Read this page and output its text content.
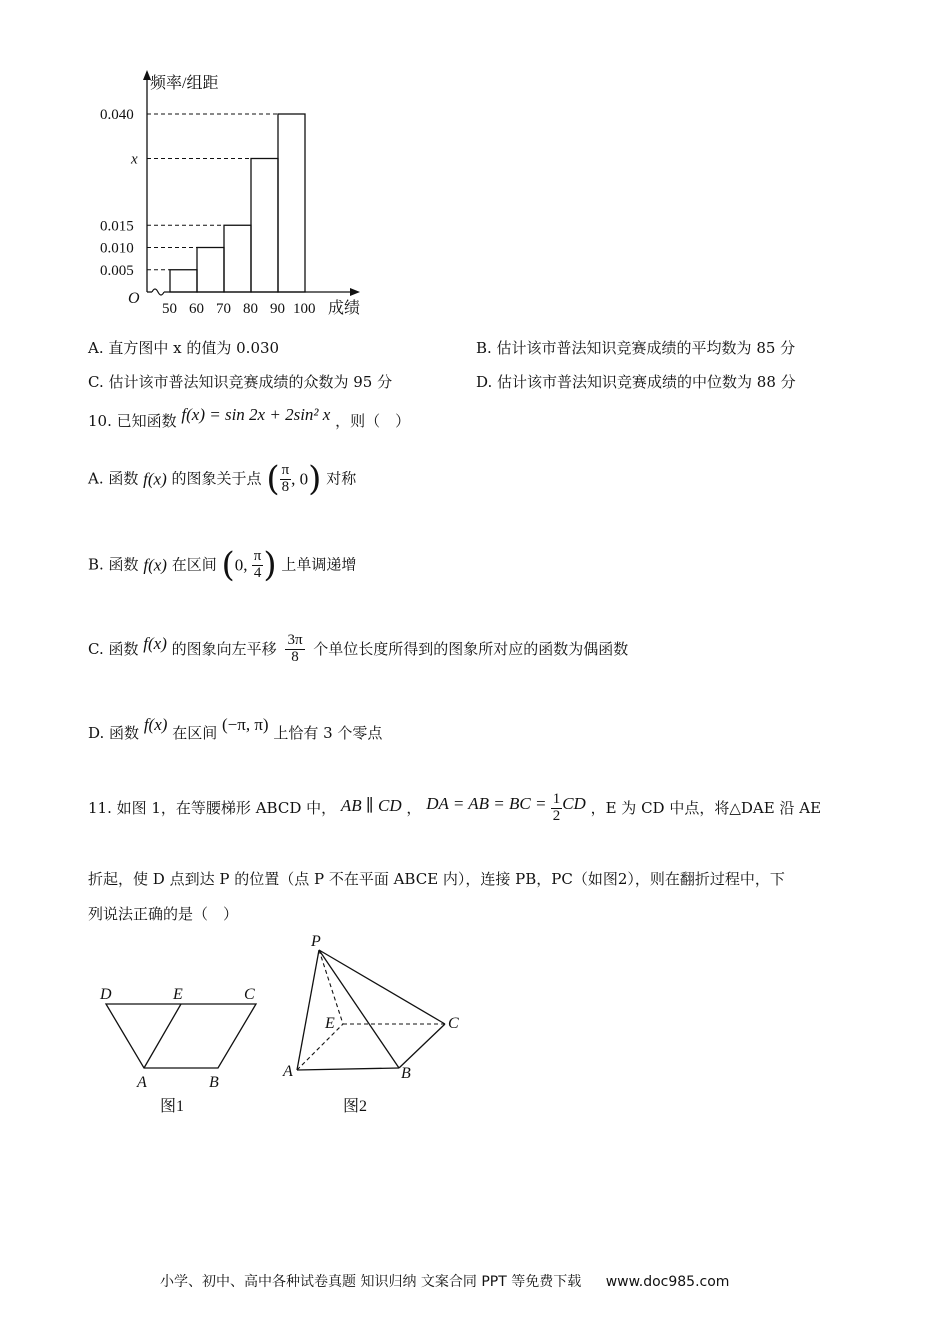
频率/组距
成绩
O
0.005
0.010
0.015
x
0.040
50 60 70 80 90 100
A. 直方图中 x 的值为 0.030	B. 估计该市普法知识竞赛成绩的平均数为 85 分
C. 估计该市普法知识竞赛成绩的众数为 95 分	D. 估计该市普法知识竞赛成绩的中位数为 88 分
10. 已知函数 f(x) = sin 2x + 2sin² x ，则（　）
A. 函数 f(x) 的图象关于点 ( $\frac{\pi}{8}$ , 0) 对称
B. 函数 f(x) 在区间 (0, $\frac{\pi}{4}$ ) 上单调递增
C. 函数 f(x) 的图象向左平移 $\frac{3\pi}{8}$ 个单位长度所得到的图象所对应的函数为偶函数
D. 函数 f(x) 在区间 (−π, π) 上恰有 3 个零点
11. 如图 1，在等腰梯形 ABCD 中， AB ∥ CD ， DA = AB = BC = $\frac{1}{2}$ CD ，E 为 CD 中点，将△DAE 沿 AE
折起，使 D 点到达 P 的位置（点 P 不在平面 ABCE 内），连接 PB，PC（如图2），则在翻折过程中，下
列说法正确的是（　）
D	E	C
A	B
图1
P
E	C
A	B
图2
小学、初中、高中各种试卷真题 知识归纳 文案合同 PPT 等免费下载 www.doc985.com
